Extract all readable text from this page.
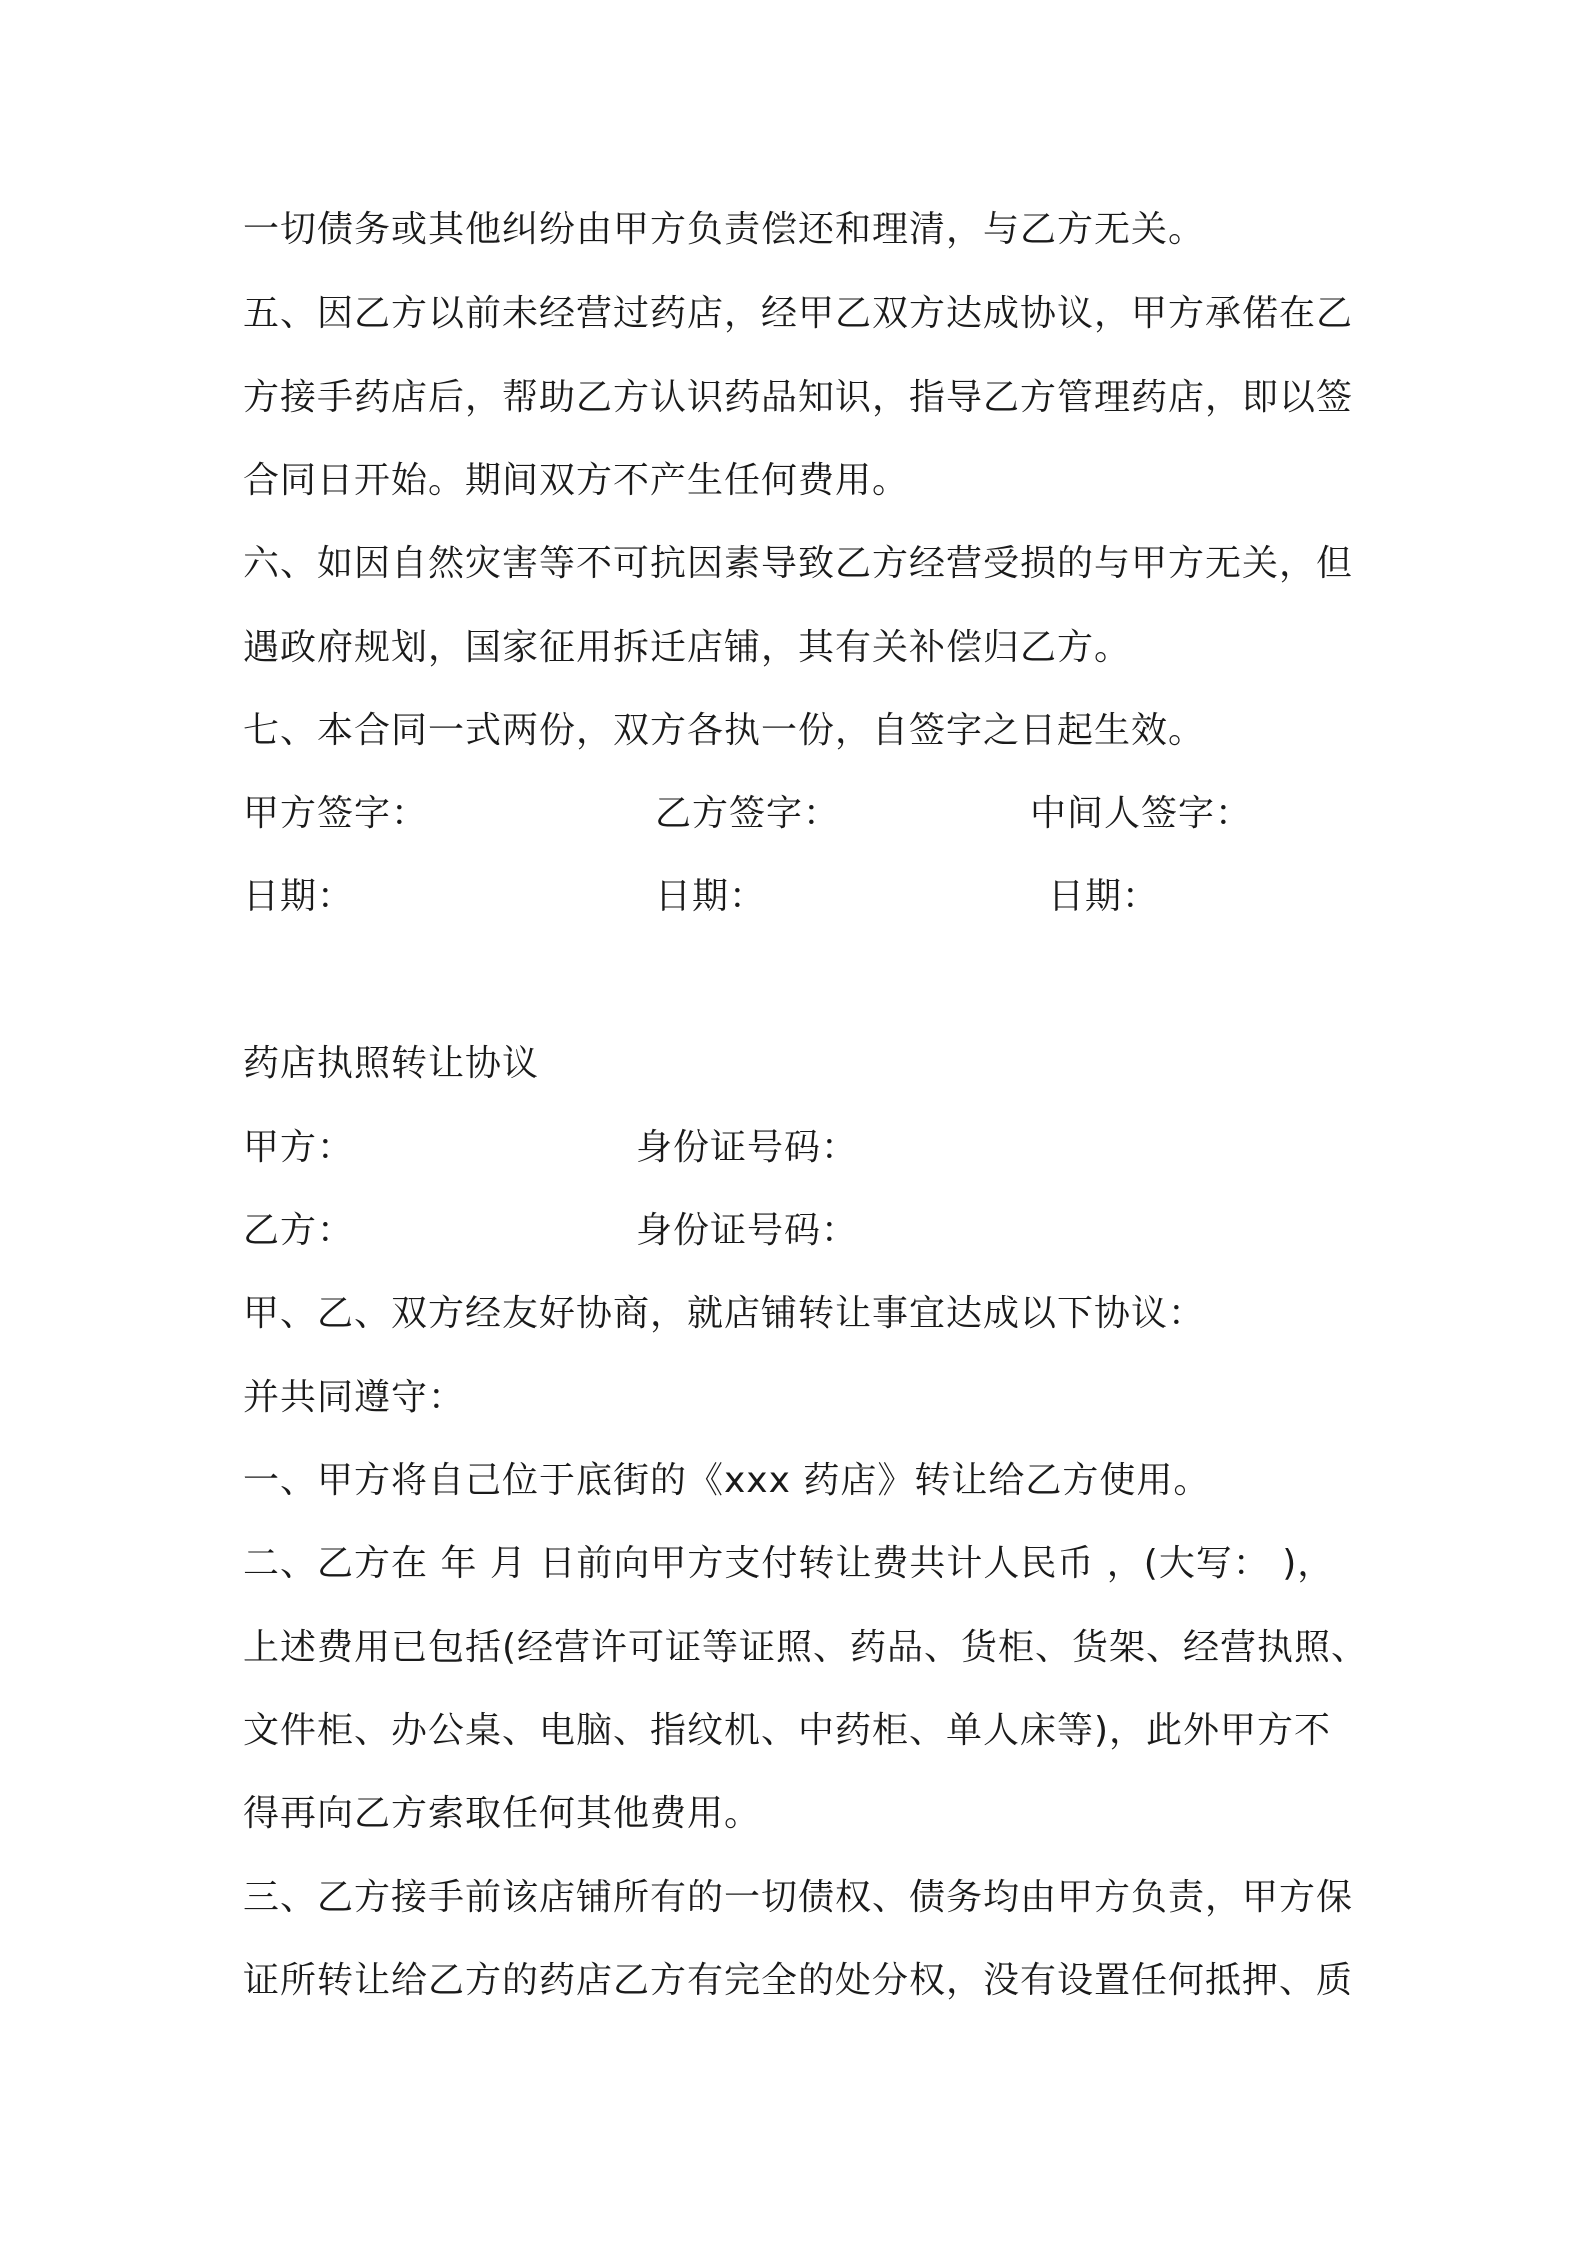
一切债务或其他纠纷由甲方负责偿还和理清，与乙方无关。
五、因乙方以前未经营过药店，经甲乙双方达成协议，甲方承偌在乙
方接手药店后，帮助乙方认识药品知识，指导乙方管理药店，即以签
合同日开始。期间双方不产生任何费用。
六、如因自然灾害等不可抗因素导致乙方经营受损的与甲方无关，但
遇政府规划，国家征用拆迁店铺，其有关补偿归乙方。
七、本合同一式两份，双方各执一份，自签字之日起生效。
甲方签字：	乙方签字：	中间人签字：
日期：	日期：	日期：
药店执照转让协议
甲方：	身份证号码：
乙方：	身份证号码：
甲、乙、双方经友好协商，就店铺转让事宜达成以下协议：
并共同遵守：
一、甲方将自己位于底街的《xxx 药店》转让给乙方使用。
二、乙方在 年 月 日前向甲方支付转让费共计人民币 ，(大写： )，
上述费用已包括(经营许可证等证照、药品、货柜、货架、经营执照、
文件柜、办公桌、电脑、指纹机、中药柜、单人床等)，此外甲方不
得再向乙方索取任何其他费用。
三、乙方接手前该店铺所有的一切债权、债务均由甲方负责，甲方保
证所转让给乙方的药店乙方有完全的处分权，没有设置任何抵押、质
